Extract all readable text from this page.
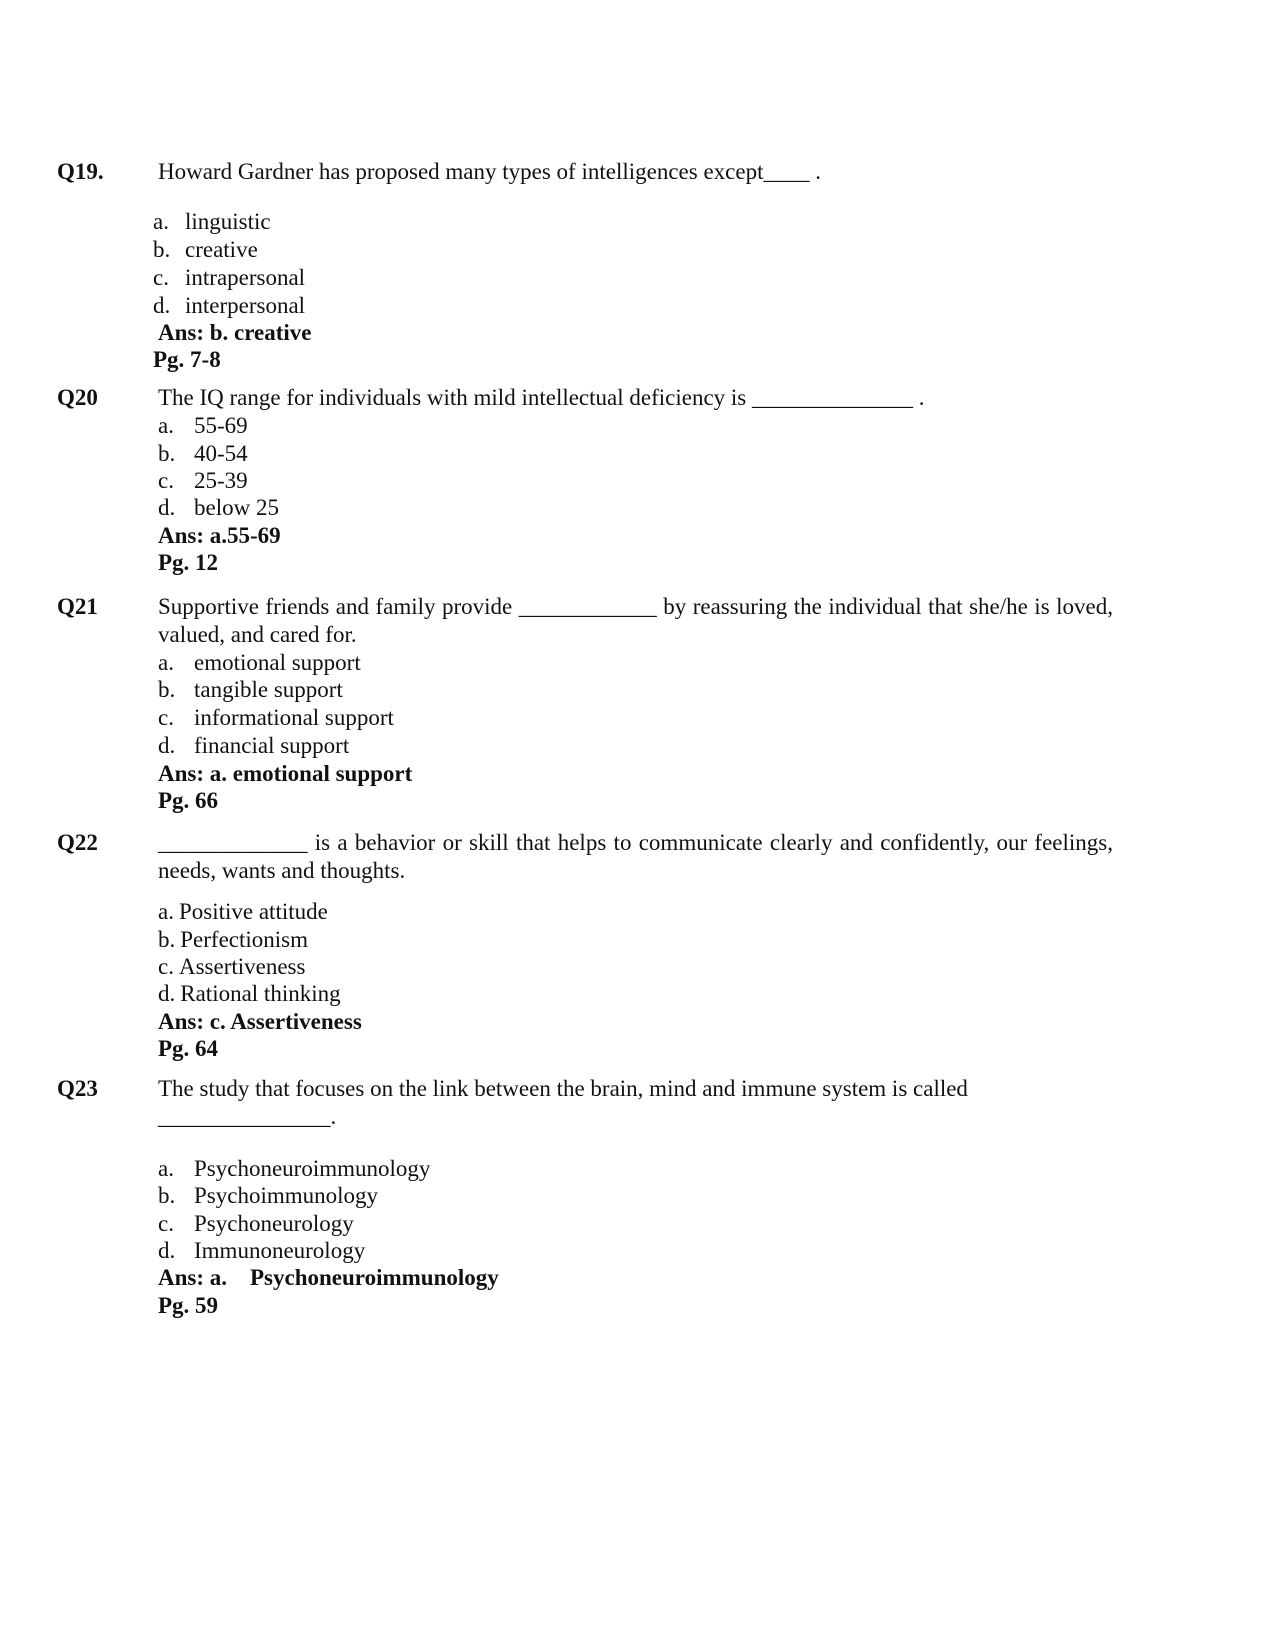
Q19. Howard Gardner has proposed many types of intelligences except____ .
a. linguistic
b. creative
c. intrapersonal
d. interpersonal
Ans: b. creative
Pg. 7-8
Q20	The IQ range for individuals with mild intellectual deficiency is ______________ .
a. 55-69
b. 40-54
c. 25-39
d. below 25
Ans: a.55-69
Pg. 12
Q21	Supportive friends and family provide ____________ by reassuring the individual that she/he is loved, valued, and cared for.
a. emotional support
b. tangible support
c. informational support
d. financial support
Ans: a. emotional support
Pg. 66
Q22	_____________ is a behavior or skill that helps to communicate clearly and confidently, our feelings, needs, wants and thoughts.
a. Positive attitude
b. Perfectionism
c. Assertiveness
d. Rational thinking
Ans: c. Assertiveness
Pg. 64
Q23	The study that focuses on the link between the brain, mind and immune system is called
_______________.
a. Psychoneuroimmunology
b. Psychoimmunology
c. Psychoneurology
d. Immunoneurology
Ans: a.    Psychoneuroimmunology
Pg. 59
